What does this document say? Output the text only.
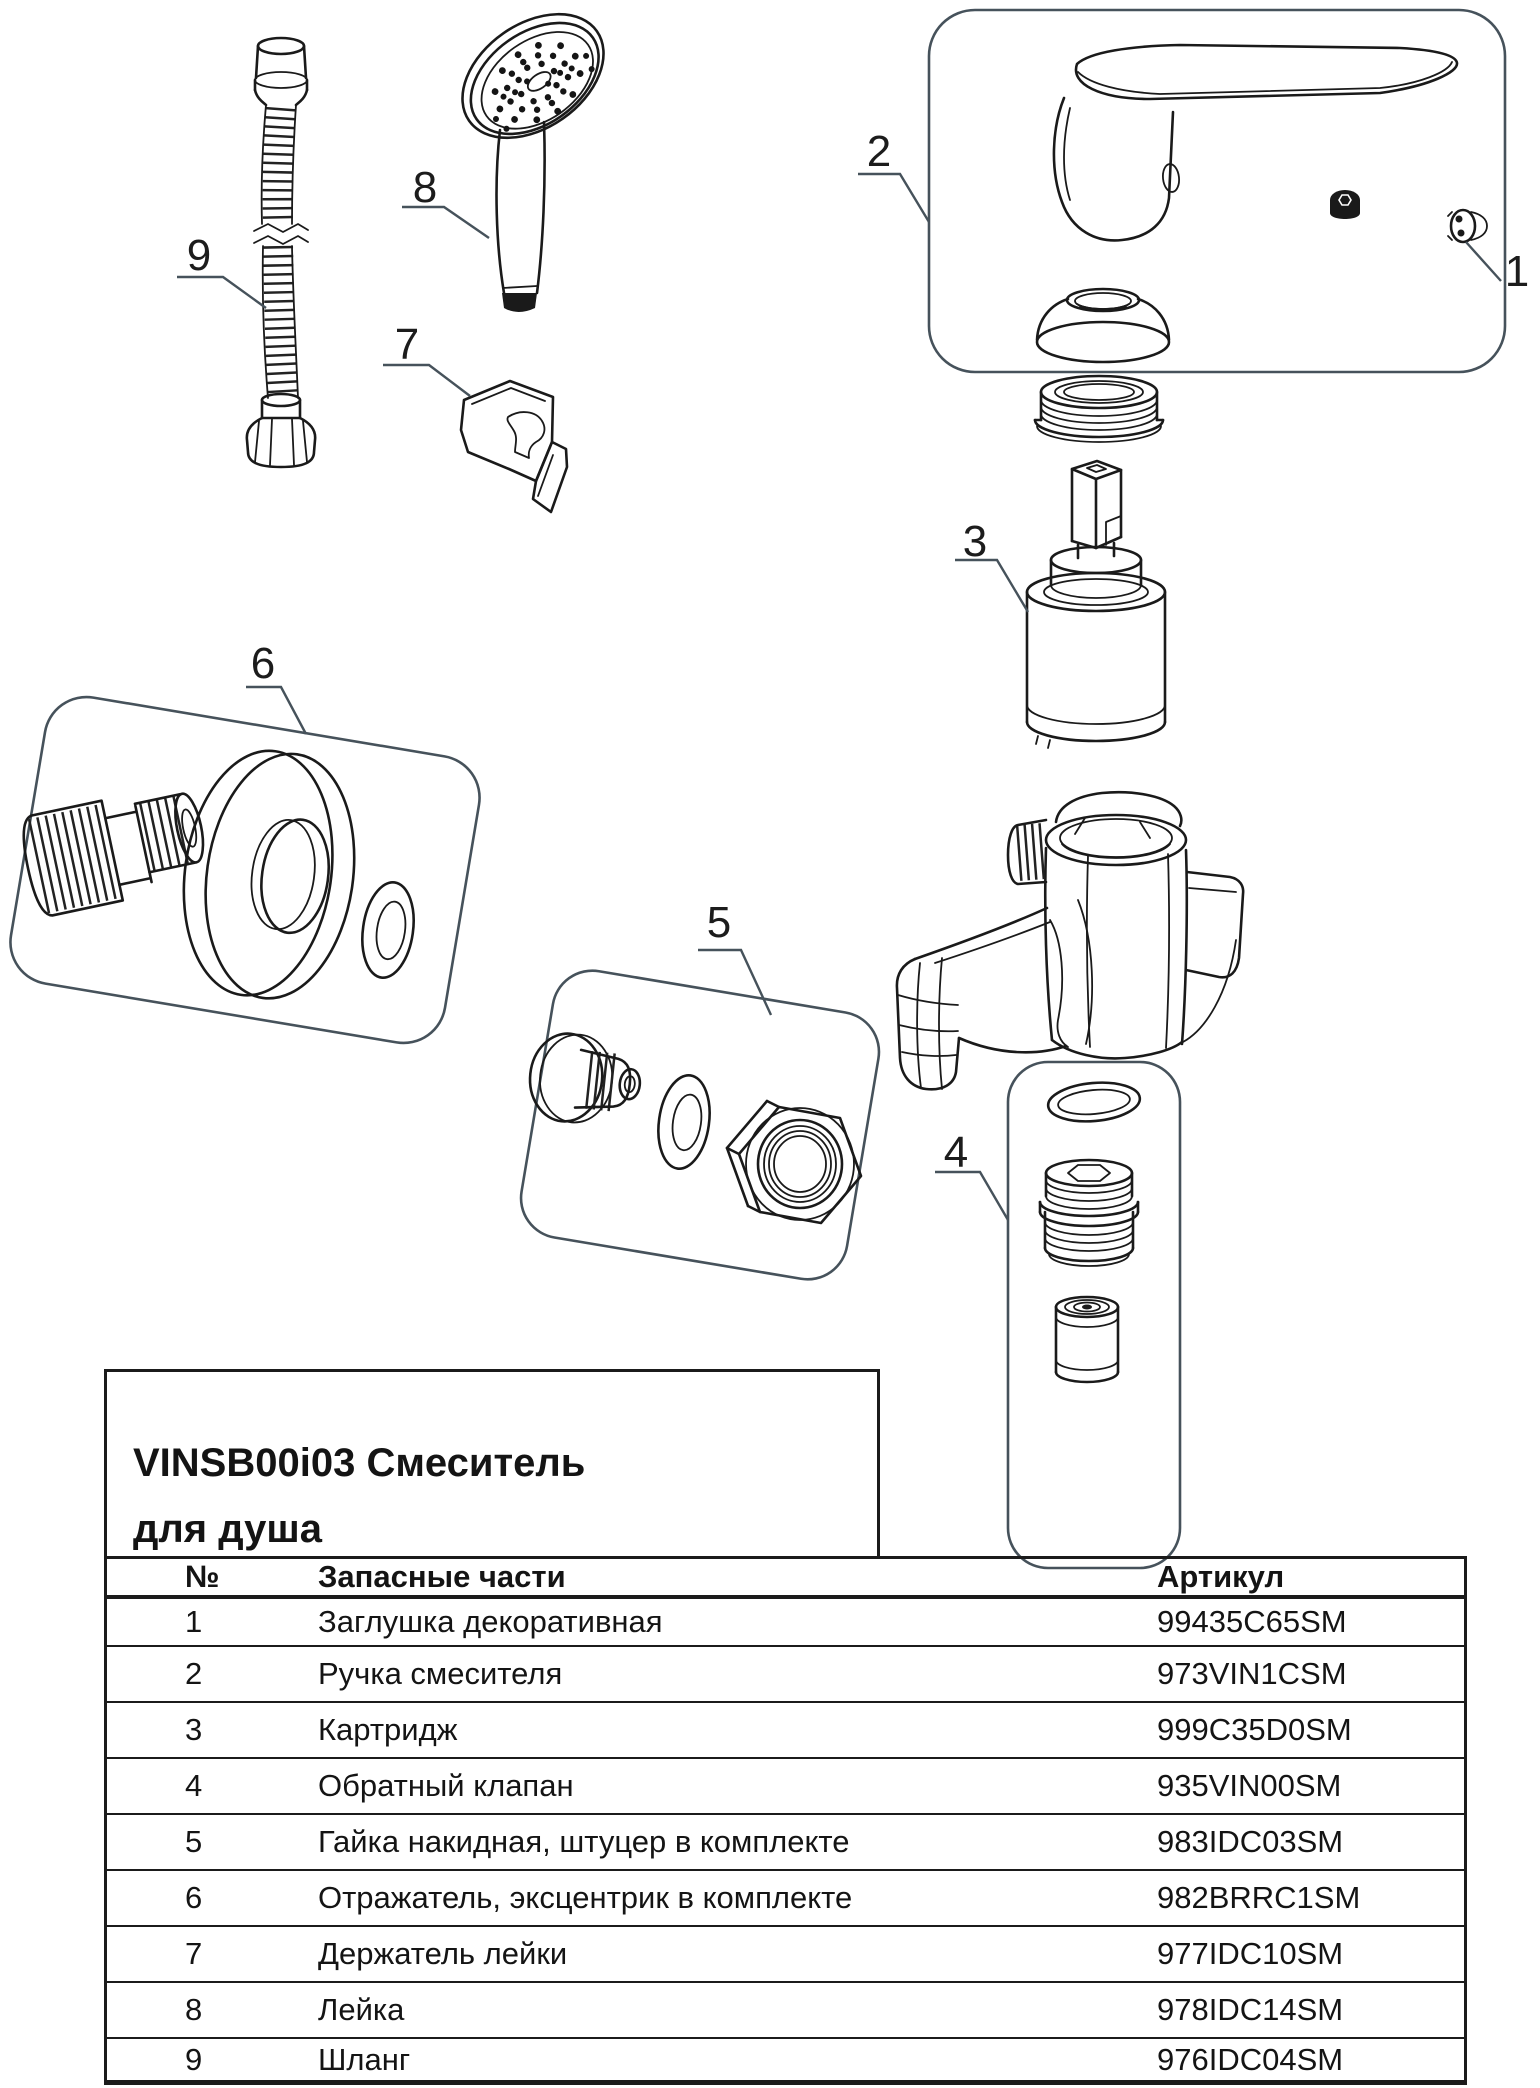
1
2
3
4
5
6
7
8
9
VINSB00i03 Смеситель
для душа
№	Запасные части	Артикул
1	Заглушка декоративная	99435C65SM
2	Ручка смесителя	973VIN1CSM
3	Картридж	999C35D0SM
4	Обратный клапан	935VIN00SM
5	Гайка накидная, штуцер в комплекте	983IDC03SM
6	Отражатель, эксцентрик в комплекте	982BRRC1SM
7	Держатель лейки	977IDC10SM
8	Лейка	978IDC14SM
9	Шланг	976IDC04SM
